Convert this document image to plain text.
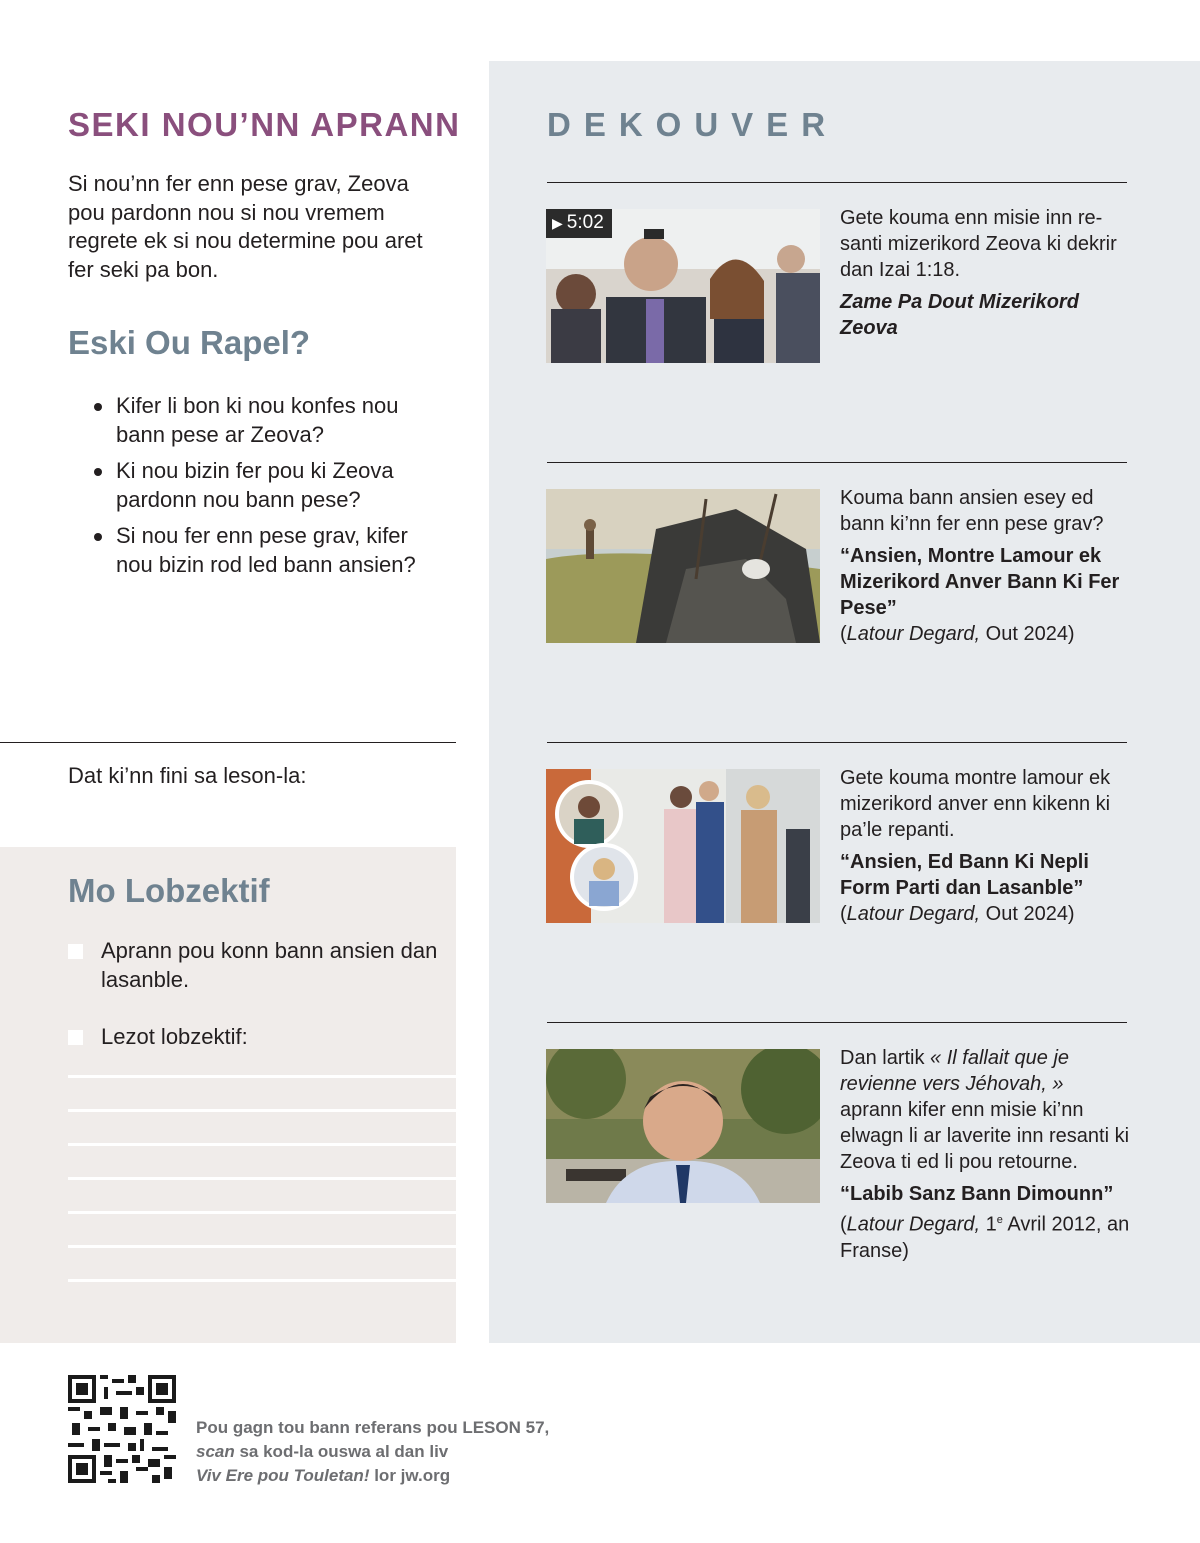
SEKI NOU’NN APRANN
Si nou’nn fer enn pese grav, Zeova pou pardonn nou si nou vremem regrete ek si nou determine pou aret fer seki pa bon.
Eski Ou Rapel?
Kifer li bon ki nou konfes nou bann pese ar Zeova?
Ki nou bizin fer pou ki Zeova pardonn nou bann pese?
Si nou fer enn pese grav, kifer nou bizin rod led bann ansien?
Dat ki’nn fini sa leson-la:
Mo Lobzektif
Aprann pou konn bann ansien dan lasanble.
Lezot lobzektif:
DEKOUVER
▶ 5:02	Gete kouma enn misie inn re-santi mizerikord Zeova ki dekrir dan Izai 1:18.
Zame Pa Dout Mizerikord Zeova
Kouma bann ansien esey ed bann ki’nn fer enn pese grav?
“Ansien, Montre Lamour ek Mizerikord Anver Bann Ki Fer Pese”
(Latour Degard, Out 2024)
Gete kouma montre lamour ek mizerikord anver enn kikenn ki pa’le repanti.
“Ansien, Ed Bann Ki Nepli Form Parti dan Lasanble”
(Latour Degard, Out 2024)
Dan lartik « Il fallait que je revienne vers Jéhovah, » aprann kifer enn misie ki’nn elwagn li ar laverite inn resanti ki Zeova ti ed li pou retourne.
“Labib Sanz Bann Dimounn”
(Latour Degard, 1e Avril 2012, an Franse)
Pou gagn tou bann referans pou LESON 57,
scan sa kod-la ouswa al dan liv
Viv Ere pou Touletan! lor jw.org
